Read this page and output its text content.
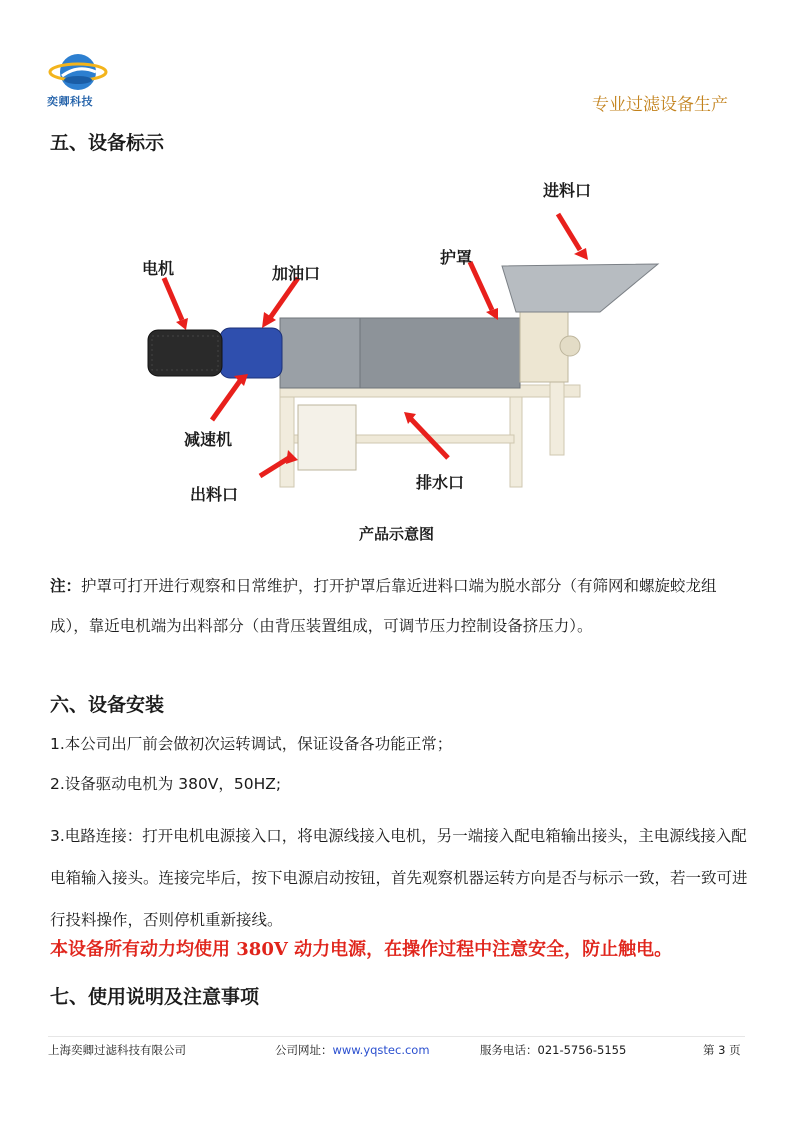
奕卿科技	专业过滤设备生产
五、设备标示
电机	加油口
护罩
进料口
减速机
出料口
排水口
产品示意图
注：护罩可打开进行观察和日常维护，打开护罩后靠近进料口端为脱水部分（有筛网和螺旋蛟龙组成），靠近电机端为出料部分（由背压装置组成，可调节压力控制设备挤压力）。
六、设备安装
1.本公司出厂前会做初次运转调试，保证设备各功能正常；
2.设备驱动电机为 380V，50HZ;
3.电路连接：打开电机电源接入口，将电源线接入电机，另一端接入配电箱输出接头，主电源线接入配电箱输入接头。连接完毕后，按下电源启动按钮，首先观察机器运转方向是否与标示一致，若一致可进行投料操作，否则停机重新接线。
本设备所有动力均使用 380V 动力电源，在操作过程中注意安全，防止触电。
七、使用说明及注意事项
上海奕卿过滤科技有限公司	公司网址：www.yqstec.com	服务电话：021-5756-5155	第 3 页
